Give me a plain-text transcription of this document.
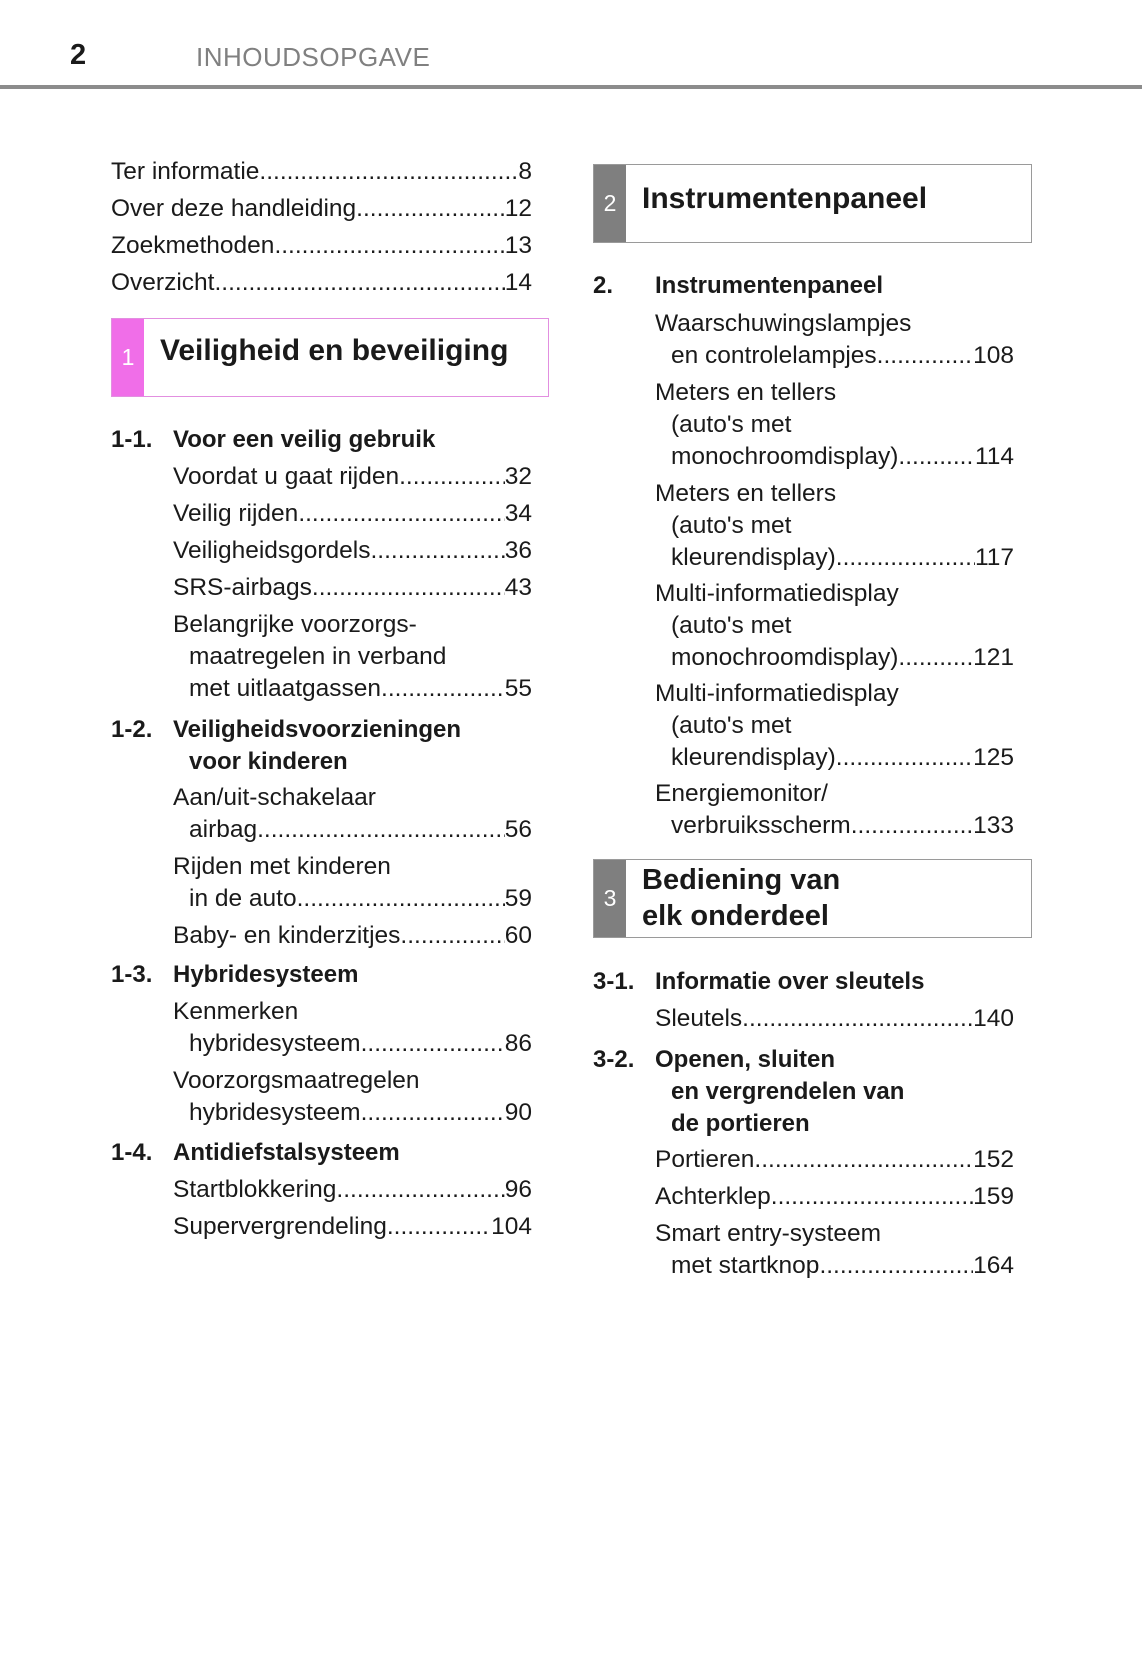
2	INHOUDSOPGAVE
Ter informatie .....	8
Over deze handleiding .....	12
Zoekmethoden .....	13
Overzicht .....	14
1 Veiligheid en beveiliging
1-1. Voor een veilig gebruik
Voordat u gaat rijden .....	32
Veilig rijden .....	34
Veiligheidsgordels .....	36
SRS-airbags .....	43
Belangrijke voorzorgs-
maatregelen in verband
met uitlaatgassen .....	55
1-2. Veiligheidsvoorzieningen
voor kinderen
Aan/uit-schakelaar
airbag .....	56
Rijden met kinderen
in de auto .....	59
Baby- en kinderzitjes .....	60
1-3. Hybridesysteem
Kenmerken
hybridesysteem .....	86
Voorzorgsmaatregelen
hybridesysteem .....	90
1-4. Antidiefstalsysteem
Startblokkering .....	96
Supervergrendeling .....	104
2 Instrumentenpaneel
2. Instrumentenpaneel
Waarschuwingslampjes
en controlelampjes .....	108
Meters en tellers
(auto's met
monochroomdisplay) .....	114
Meters en tellers
(auto's met
kleurendisplay) .....	117
Multi-informatiedisplay
(auto's met
monochroomdisplay) .....	121
Multi-informatiedisplay
(auto's met
kleurendisplay) .....	125
Energiemonitor/
verbruiksscherm .....	133
3
Bediening van
elk onderdeel
3-1. Informatie over sleutels
Sleutels .....	140
3-2. Openen, sluiten
en vergrendelen van
de portieren
Portieren .....	152
Achterklep .....	159
Smart entry-systeem
met startknop .....	164
